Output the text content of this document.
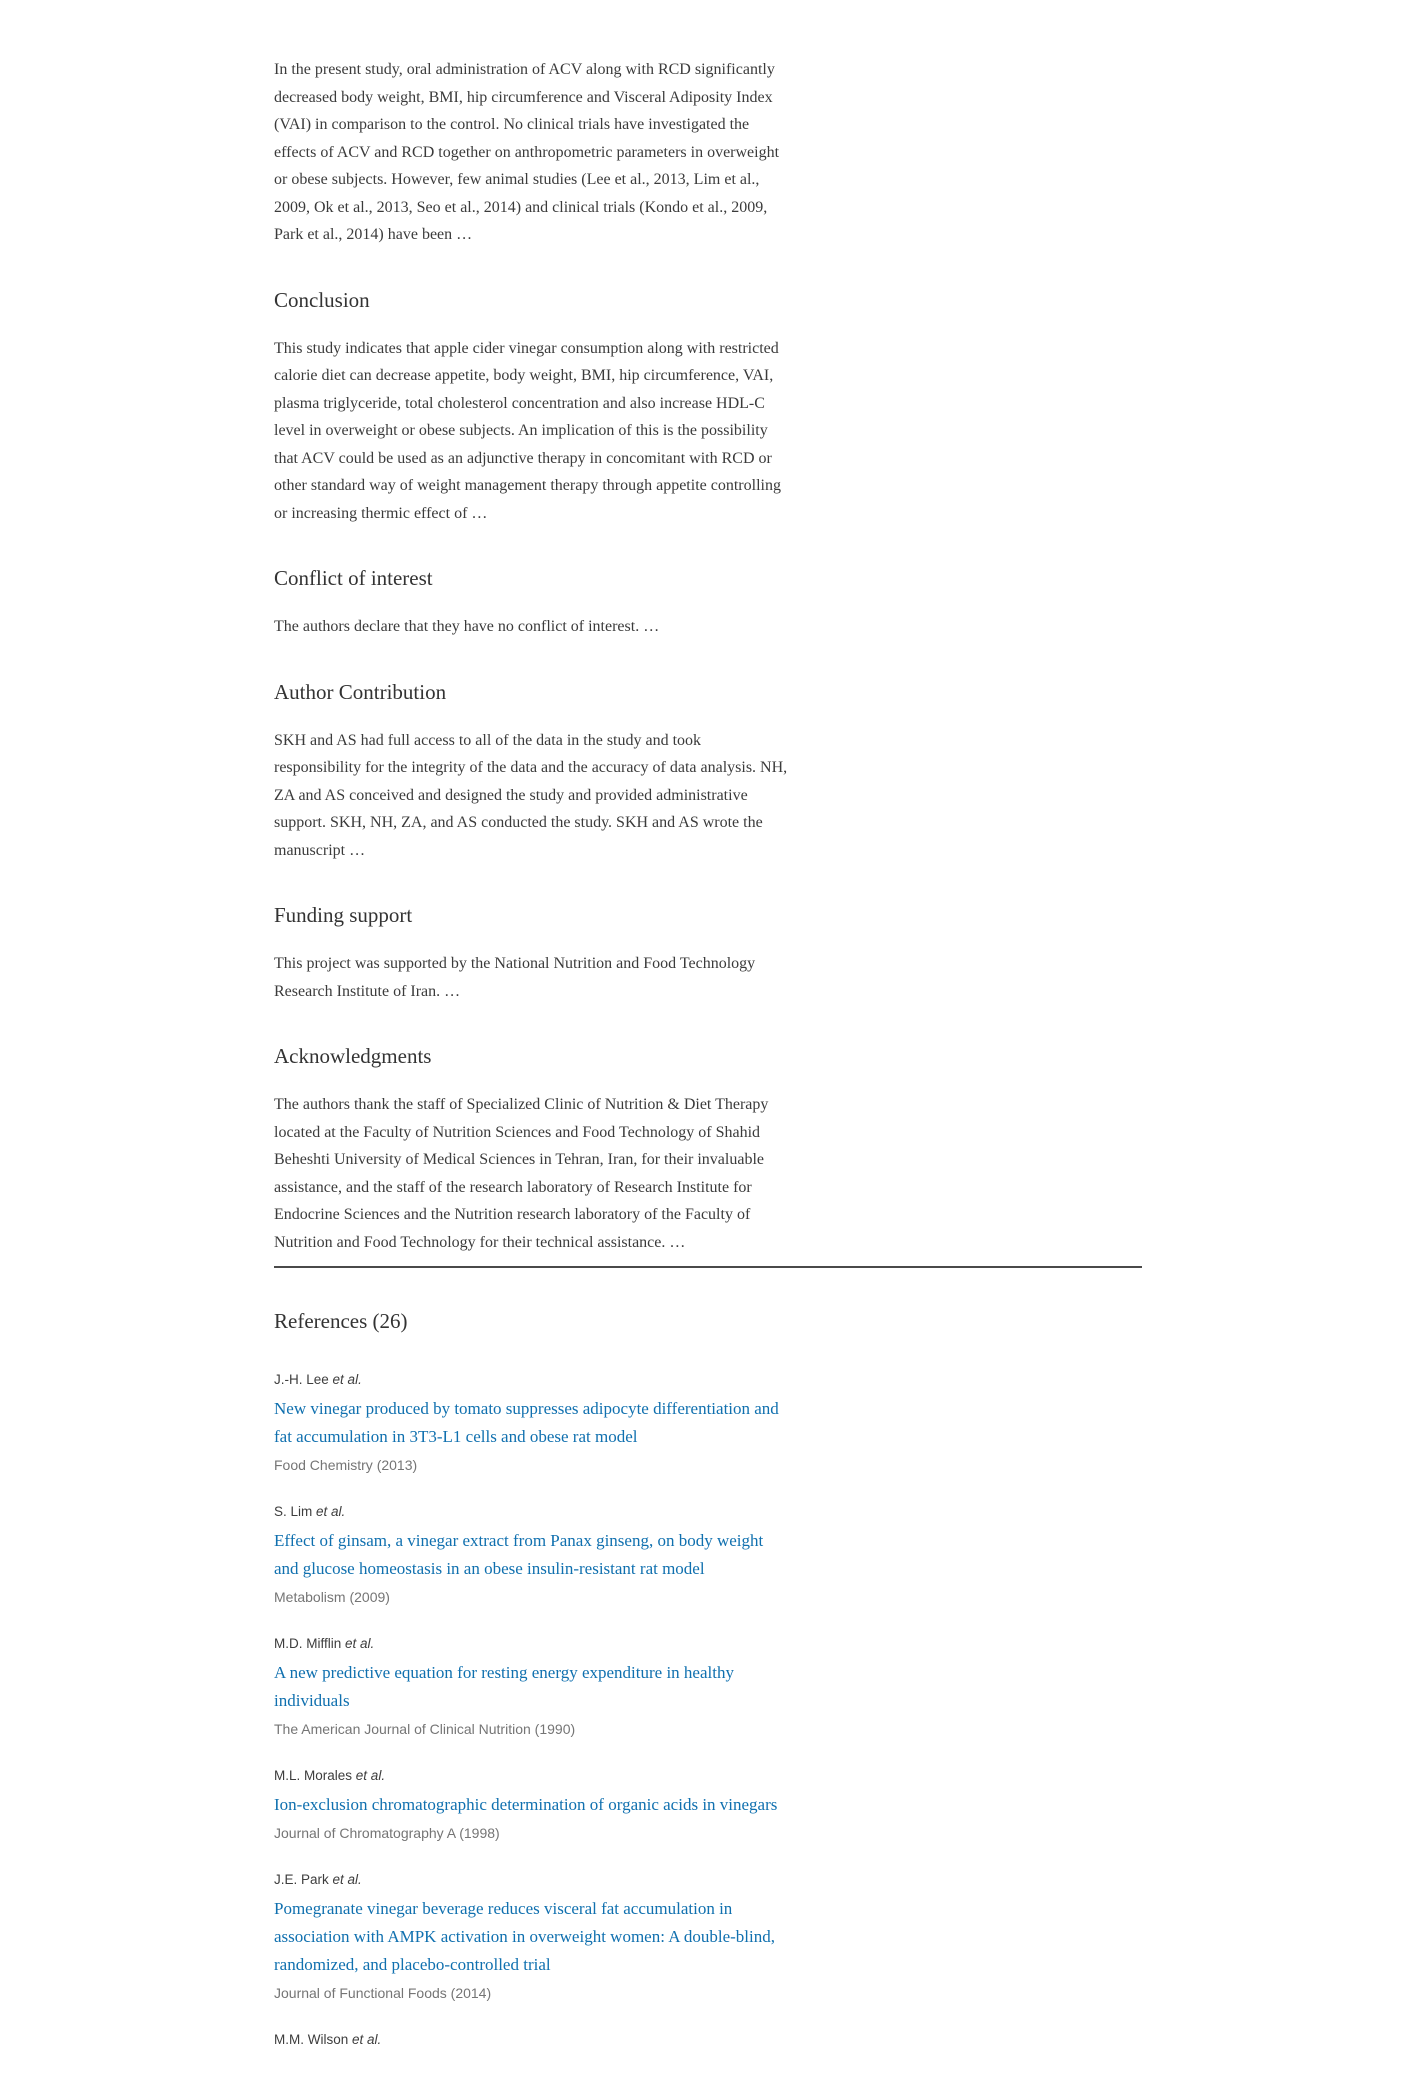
In the present study, oral administration of ACV along with RCD significantly decreased body weight, BMI, hip circumference and Visceral Adiposity Index (VAI) in comparison to the control. No clinical trials have investigated the effects of ACV and RCD together on anthropometric parameters in overweight or obese subjects. However, few animal studies (Lee et al., 2013, Lim et al., 2009, Ok et al., 2013, Seo et al., 2014) and clinical trials (Kondo et al., 2009, Park et al., 2014) have been …

Conclusion

This study indicates that apple cider vinegar consumption along with restricted calorie diet can decrease appetite, body weight, BMI, hip circumference, VAI, plasma triglyceride, total cholesterol concentration and also increase HDL-C level in overweight or obese subjects. An implication of this is the possibility that ACV could be used as an adjunctive therapy in concomitant with RCD or other standard way of weight management therapy through appetite controlling or increasing thermic effect of …

Conflict of interest

The authors declare that they have no conflict of interest. …

Author Contribution

SKH and AS had full access to all of the data in the study and took responsibility for the integrity of the data and the accuracy of data analysis. NH, ZA and AS conceived and designed the study and provided administrative support. SKH, NH, ZA, and AS conducted the study. SKH and AS wrote the manuscript …

Funding support

This project was supported by the National Nutrition and Food Technology Research Institute of Iran. …

Acknowledgments

The authors thank the staff of Specialized Clinic of Nutrition & Diet Therapy located at the Faculty of Nutrition Sciences and Food Technology of Shahid Beheshti University of Medical Sciences in Tehran, Iran, for their invaluable assistance, and the staff of the research laboratory of Research Institute for Endocrine Sciences and the Nutrition research laboratory of the Faculty of Nutrition and Food Technology for their technical assistance. …

References (26)
J.-H. Lee et al.
New vinegar produced by tomato suppresses adipocyte differentiation and fat accumulation in 3T3-L1 cells and obese rat model
Food Chemistry (2013)
S. Lim et al.
Effect of ginsam, a vinegar extract from Panax ginseng, on body weight and glucose homeostasis in an obese insulin-resistant rat model
Metabolism (2009)
M.D. Mifflin et al.
A new predictive equation for resting energy expenditure in healthy individuals
The American Journal of Clinical Nutrition (1990)
M.L. Morales et al.
Ion-exclusion chromatographic determination of organic acids in vinegars
Journal of Chromatography A (1998)
J.E. Park et al.
Pomegranate vinegar beverage reduces visceral fat accumulation in association with AMPK activation in overweight women: A double-blind, randomized, and placebo-controlled trial
Journal of Functional Foods (2014)
M.M. Wilson et al.
